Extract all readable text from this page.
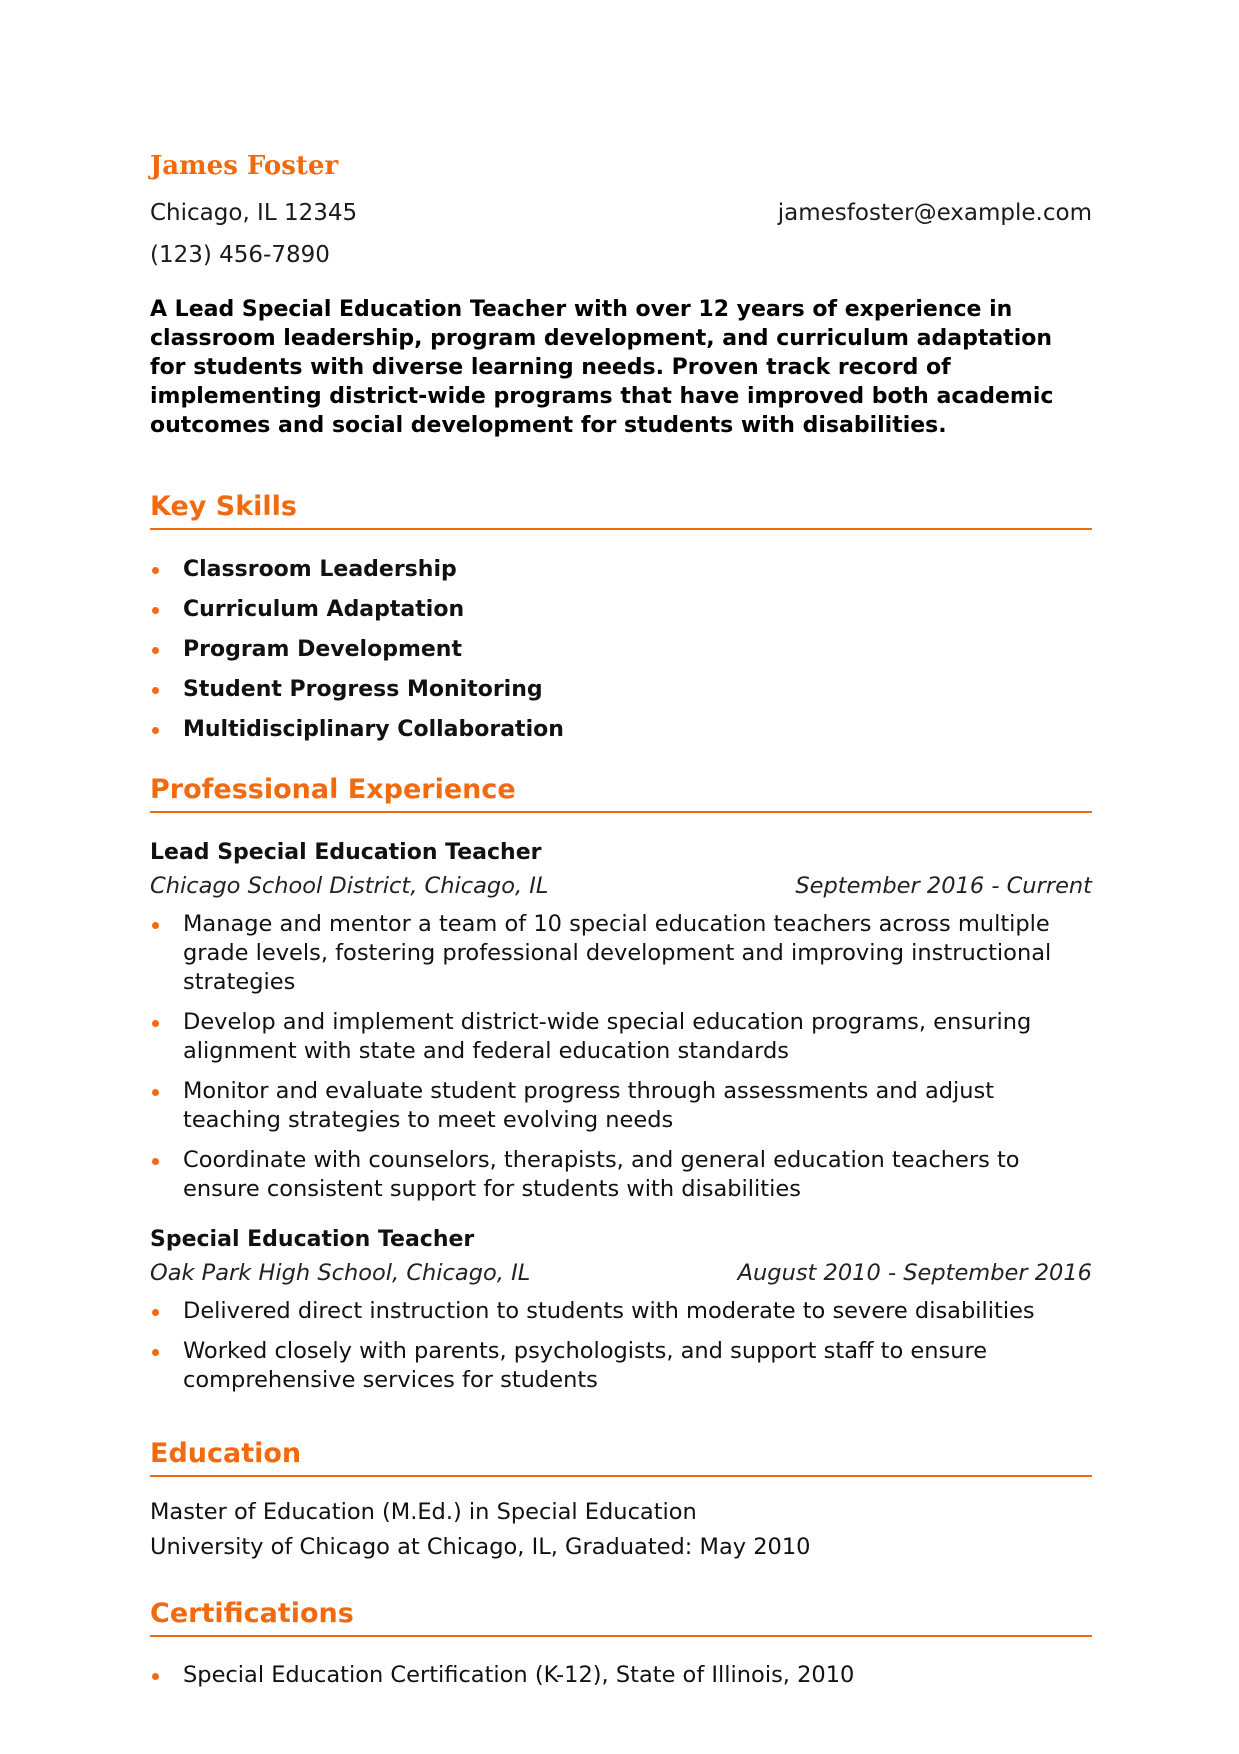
James Foster
Chicago, IL 12345	jamesfoster@example.com
(123) 456-7890

A Lead Special Education Teacher with over 12 years of experience in classroom leadership, program development, and curriculum adaptation for students with diverse learning needs. Proven track record of implementing district-wide programs that have improved both academic outcomes and social development for students with disabilities.

Key Skills
Classroom Leadership
Curriculum Adaptation
Program Development
Student Progress Monitoring
Multidisciplinary Collaboration
Professional Experience

Lead Special Education Teacher

Chicago School District, Chicago, IL	September 2016 - Current
Manage and mentor a team of 10 special education teachers across multiple grade levels, fostering professional development and improving instructional strategies
Develop and implement district-wide special education programs, ensuring alignment with state and federal education standards
Monitor and evaluate student progress through assessments and adjust teaching strategies to meet evolving needs
Coordinate with counselors, therapists, and general education teachers to ensure consistent support for students with disabilities

Special Education Teacher

Oak Park High School, Chicago, IL	August 2010 - September 2016
Delivered direct instruction to students with moderate to severe disabilities
Worked closely with parents, psychologists, and support staff to ensure comprehensive services for students
Education

Master of Education (M.Ed.) in Special Education

University of Chicago at Chicago, IL, Graduated: May 2010

Certifications
Special Education Certification (K-12), State of Illinois, 2010
